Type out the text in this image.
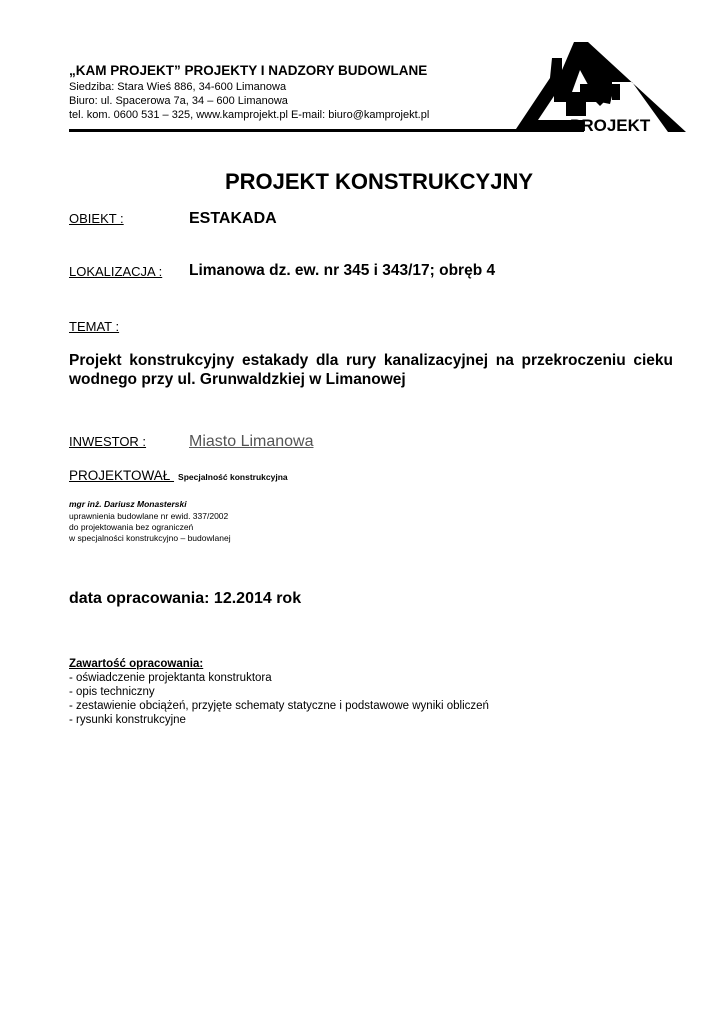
„KAM PROJEKT” PROJEKTY I NADZORY BUDOWLANE
Siedziba: Stara Wieś 886, 34-600 Limanowa
Biuro: ul. Spacerowa 7a, 34 – 600 Limanowa
tel. kom. 0600 531 – 325, www.kamprojekt.pl E-mail: biuro@kamprojekt.pl
PROJEKT
PROJEKT KONSTRUKCYJNY
OBIEKT :	ESTAKADA
LOKALIZACJA : Limanowa dz. ew. nr 345 i 343/17; obręb 4
TEMAT :
Projekt konstrukcyjny estakady dla rury kanalizacyjnej na przekroczeniu cieku wodnego przy ul. Grunwaldzkiej w Limanowej
INWESTOR :	Miasto Limanowa
PROJEKTOWAŁ Specjalność konstrukcyjna
mgr inż. Dariusz Monasterski
uprawnienia budowlane nr ewid. 337/2002
do projektowania bez ograniczeń
w specjalności konstrukcyjno – budowlanej
data opracowania: 12.2014 rok
Zawartość opracowania:
- oświadczenie projektanta konstruktora
- opis techniczny
- zestawienie obciążeń, przyjęte schematy statyczne i podstawowe wyniki obliczeń
- rysunki konstrukcyjne
